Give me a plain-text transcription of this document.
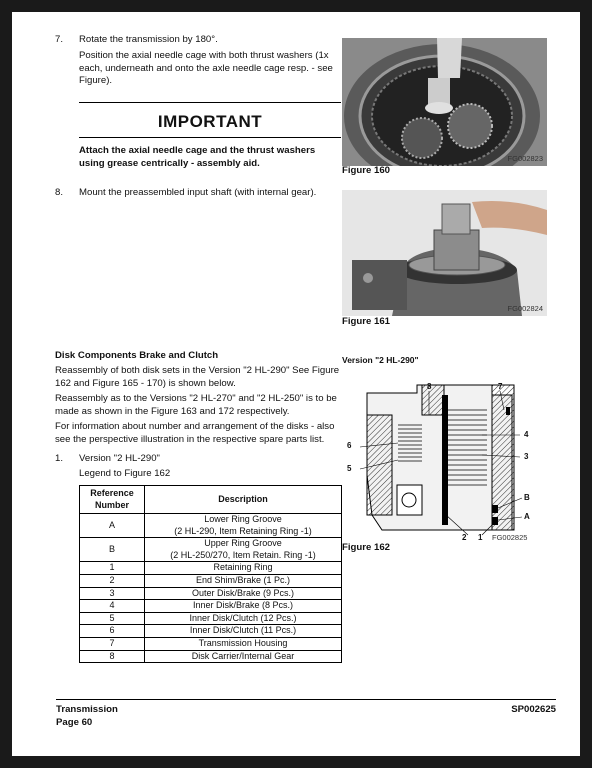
7. Rotate the transmission by 180°.
Position the axial needle cage with both thrust washers (1x each, underneath and onto the axle needle cage resp. - see Figure).
IMPORTANT
Attach the axial needle cage and the thrust washers using grease centrically - assembly aid.
8. Mount the preassembled input shaft (with internal gear).
FG002823
Figure 160
FG002824
Figure 161
Disk Components Brake and Clutch
Reassembly of both disk sets in the Version "2 HL-290" See Figure 162 and Figure 165 - 170) is shown below.
Reassembly as to the Versions "2 HL-270" and "2 HL-250" is to be made as shown in the Figure 163 and 172 respectively.
For information about number and arrangement of the disks - also see the perspective illustration in the respective spare parts list.
1. Version "2 HL-290"
Legend to Figure 162
Reference Number	Description
A	Lower Ring Groove
(2 HL-290, Item Retaining Ring -1)
B	Upper Ring Groove
(2 HL-250/270, Item Retain. Ring -1)
1	Retaining Ring
2	End Shim/Brake (1 Pc.)
3	Outer Disk/Brake (9 Pcs.)
4	Inner Disk/Brake (8 Pcs.)
5	Inner Disk/Clutch (12 Pcs.)
6	Inner Disk/Clutch (11 Pcs.)
7	Transmission Housing
8	Disk Carrier/Internal Gear
Version "2 HL-290"
8	7
6
5
4
3
B
A
2 1 FG002825
Figure 162
Transmission
Page 60
SP002625
